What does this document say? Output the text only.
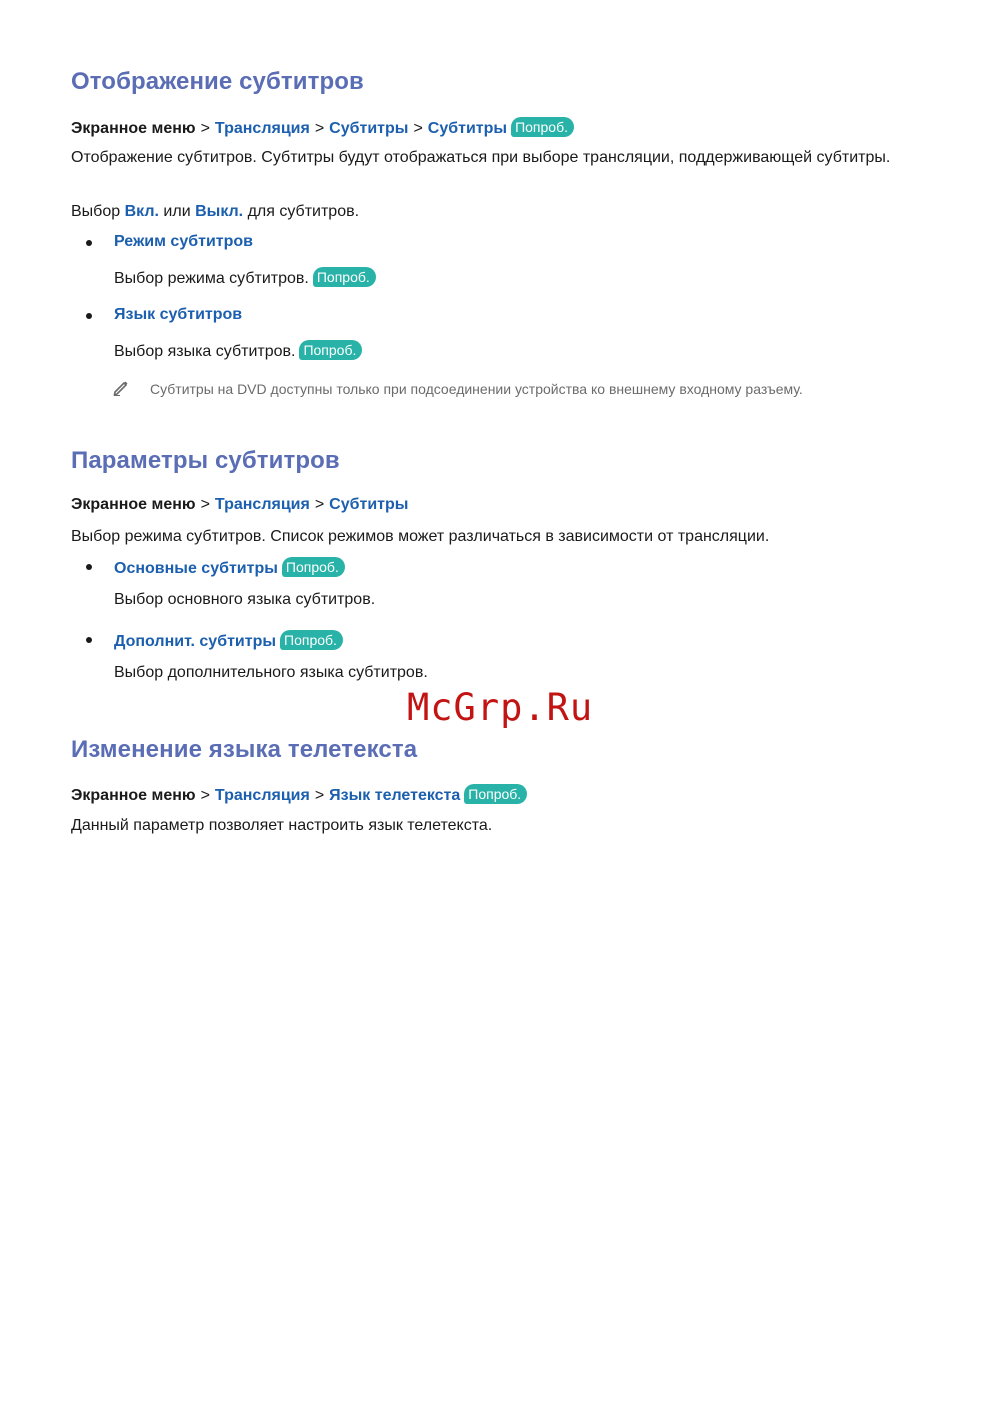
Отображение субтитров
Экранное меню > Трансляция > Субтитры > Субтитры Попроб.

Отображение субтитров. Субтитры будут отображаться при выборе трансляции, поддерживающей субтитры.

Выбор Вкл. или Выкл. для субтитров.

Режим субтитров
Выбор режима субтитров. Попроб.
Язык субтитров
Выбор языка субтитров. Попроб.

Субтитры на DVD доступны только при подсоединении устройства ко внешнему входному разъему.

Параметры субтитров
Экранное меню > Трансляция > Субтитры

Выбор режима субтитров. Список режимов может различаться в зависимости от трансляции.

Основные субтитры Попроб.
Выбор основного языка субтитров.
Дополнит. субтитры Попроб.
Выбор дополнительного языка субтитров.

McGrp.Ru

Изменение языка телетекста
Экранное меню > Трансляция > Язык телетекста Попроб.

Данный параметр позволяет настроить язык телетекста.
